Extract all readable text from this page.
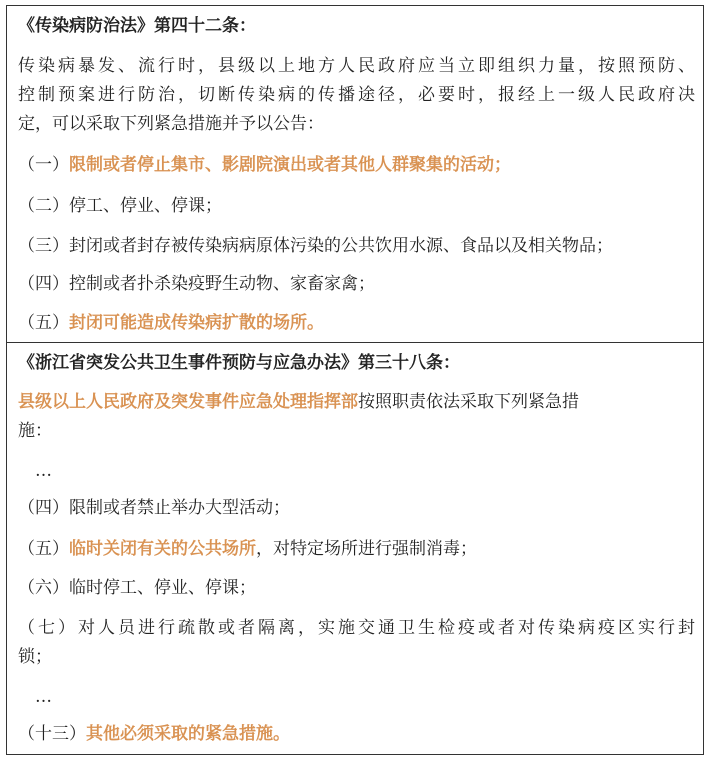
《传染病防治法》第四十二条：
传染病暴发、流行时，县级以上地方人民政府应当立即组织力量，按照预防、
控制预案进行防治，切断传染病的传播途径，必要时，报经上一级人民政府决
定，可以采取下列紧急措施并予以公告：
（一）限制或者停止集市、影剧院演出或者其他人群聚集的活动；
（二）停工、停业、停课；
（三）封闭或者封存被传染病病原体污染的公共饮用水源、食品以及相关物品；
（四）控制或者扑杀染疫野生动物、家畜家禽；
（五）封闭可能造成传染病扩散的场所。
《浙江省突发公共卫生事件预防与应急办法》第三十八条：
县级以上人民政府及突发事件应急处理指挥部按照职责依法采取下列紧急措
施：
…
（四）限制或者禁止举办大型活动；
（五）临时关闭有关的公共场所，对特定场所进行强制消毒；
（六）临时停工、停业、停课；
（七）对人员进行疏散或者隔离，实施交通卫生检疫或者对传染病疫区实行封
锁；
…
（十三）其他必须采取的紧急措施。
